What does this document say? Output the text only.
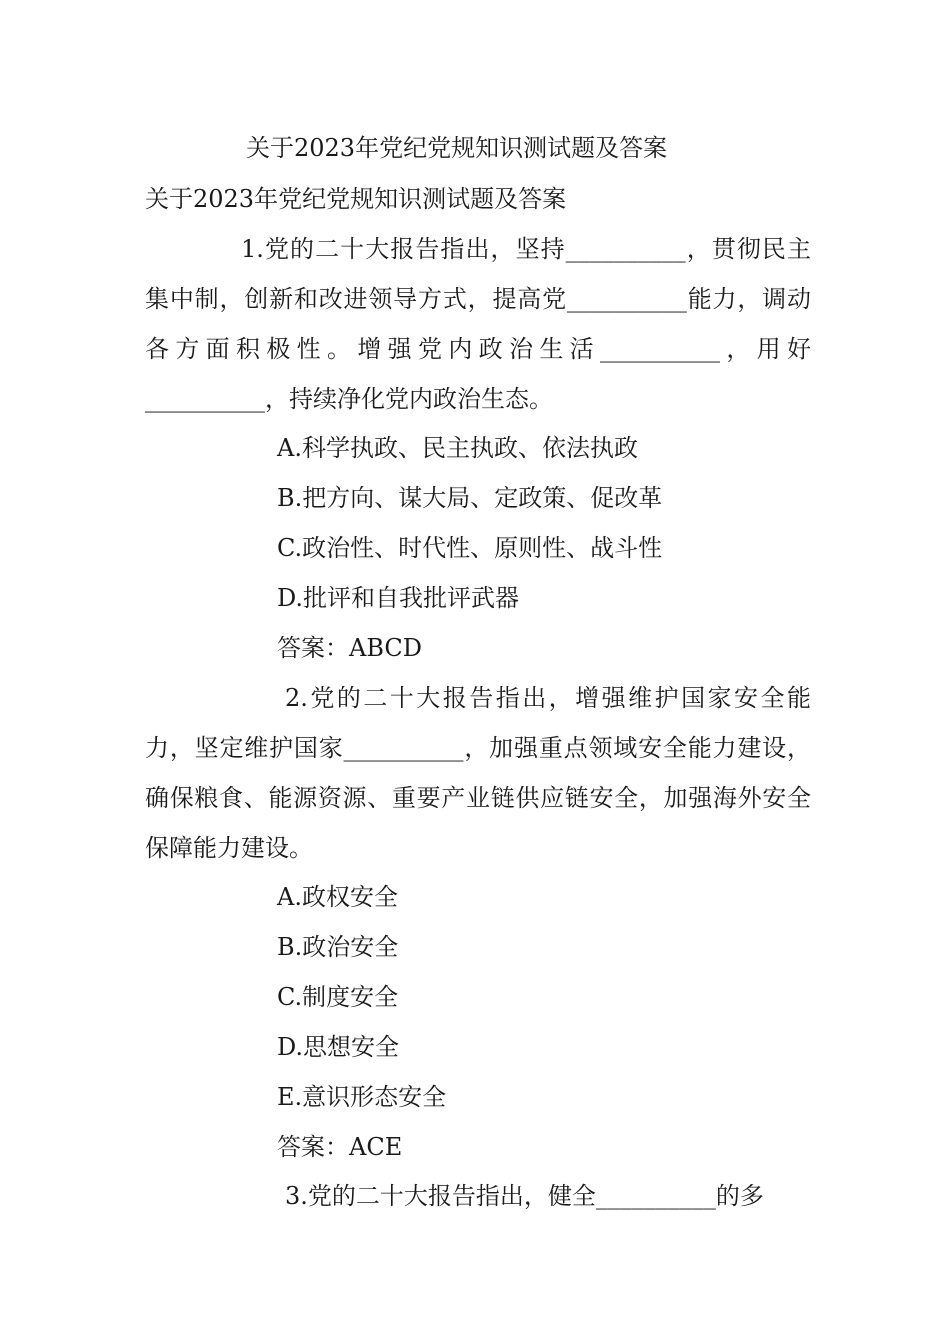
关于2023年党纪党规知识测试题及答案
关于2023年党纪党规知识测试题及答案

1.党的二十大报告指出，坚持__________，贯彻民主集中制，创新和改进领导方式，提高党__________能力，调动各方面积极性。增强党内政治生活__________，用好__________，持续净化党内政治生态。

A.科学执政、民主执政、依法执政
B.把方向、谋大局、定政策、促改革
C.政治性、时代性、原则性、战斗性
D.批评和自我批评武器
答案：ABCD

2.党的二十大报告指出，增强维护国家安全能力，坚定维护国家__________，加强重点领域安全能力建设，确保粮食、能源资源、重要产业链供应链安全，加强海外安全保障能力建设。

A.政权安全
B.政治安全
C.制度安全
D.思想安全
E.意识形态安全
答案：ACE

3.党的二十大报告指出，健全__________的多
